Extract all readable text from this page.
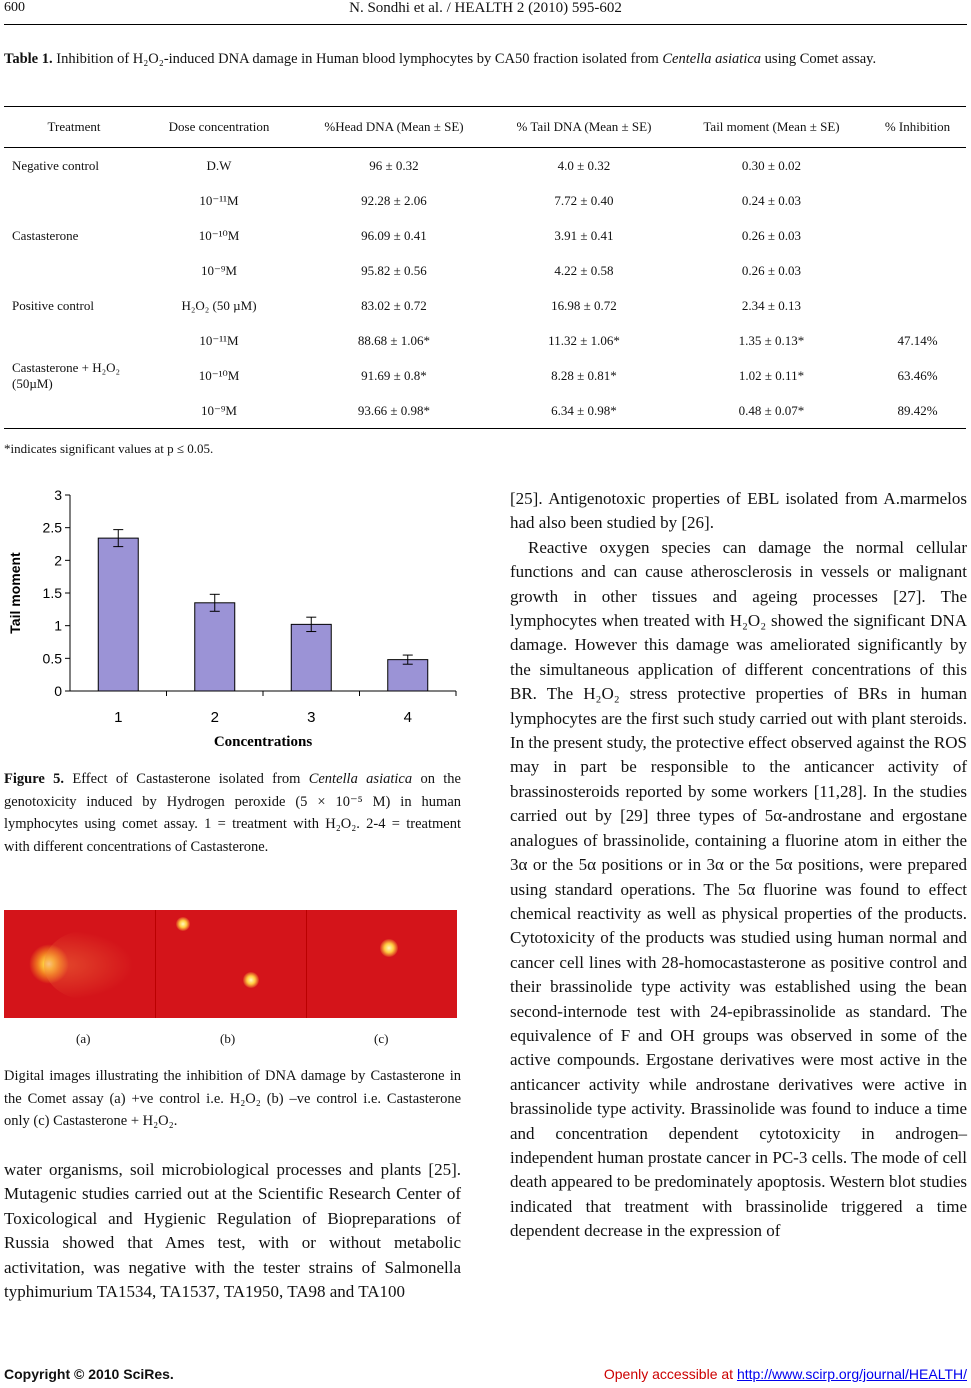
600	N. Sondhi et al. / HEALTH 2 (2010) 595-602
Table 1. Inhibition of H₂O₂-induced DNA damage in Human blood lymphocytes by CA50 fraction isolated from Centella asiatica using Comet assay.
Treatment	Dose concentration	%Head DNA (Mean ± SE)	% Tail DNA (Mean ± SE)	Tail moment (Mean ± SE)	% Inhibition
Negative control	D.W	96 ± 0.32	4.0 ± 0.32	0.30 ± 0.02	
	10⁻¹¹M	92.28 ± 2.06	7.72 ± 0.40	0.24 ± 0.03	
Castasterone	10⁻¹⁰M	96.09 ± 0.41	3.91 ± 0.41	0.26 ± 0.03	
	10⁻⁹M	95.82 ± 0.56	4.22 ± 0.58	0.26 ± 0.03	
Positive control	H₂O₂ (50 µM)	83.02 ± 0.72	16.98 ± 0.72	2.34 ± 0.13	
	10⁻¹¹M	88.68 ± 1.06*	11.32 ± 1.06*	1.35 ± 0.13*	47.14%
Castasterone + H₂O₂ (50µM)	10⁻¹⁰M	91.69 ± 0.8*	8.28 ± 0.81*	1.02 ± 0.11*	63.46%
	10⁻⁹M	93.66 ± 0.98*	6.34 ± 0.98*	0.48 ± 0.07*	89.42%
*indicates significant values at p ≤ 0.05.
0
0.5
1
1.5
2
2.5
3
1	2	3	4
Concentrations
Tail moment
Figure 5. Effect of Castasterone isolated from Centella asiatica on the genotoxicity induced by Hydrogen peroxide (5 × 10⁻⁵ M) in human lymphocytes using comet assay. 1 = treatment with H₂O₂. 2-4 = treatment with different concentrations of Castasterone.
(a)	(b)	(c)
Digital images illustrating the inhibition of DNA damage by Castasterone in the Comet assay (a) +ve control i.e. H₂O₂ (b) –ve control i.e. Castasterone only (c) Castasterone + H₂O₂.
water organisms, soil microbiological processes and plants [25]. Mutagenic studies carried out at the Scientific Research Center of Toxicological and Hygienic Regulation of Biopreparations of Russia showed that Ames test, with or without metabolic activitation, was negative with the tester strains of Salmonella typhimurium TA1534, TA1537, TA1950, TA98 and TA100

[25]. Antigenotoxic properties of EBL isolated from A.marmelos had also been studied by [26].

Reactive oxygen species can damage the normal cellular functions and can cause atherosclerosis in vessels or malignant growth in other tissues and ageing processes [27]. The lymphocytes when treated with H₂O₂ showed the significant DNA damage. However this damage was ameliorated significantly by the simultaneous application of different concentrations of this BR. The H₂O₂ stress protective properties of BRs in human lymphocytes are the first such study carried out with plant steroids. In the present study, the protective effect observed against the ROS may in part be responsible to the anticancer activity of brassinosteroids reported by some workers [11,28]. In the studies carried out by [29] three types of 5α-androstane and ergostane analogues of brassinolide, containing a fluorine atom in either the 3α or the 5α positions or in 3α or the 5α positions, were prepared using standard operations. The 5α fluorine was found to effect chemical reactivity as well as physical properties of the products. Cytotoxicity of the products was studied using human normal and cancer cell lines with 28-homocastasterone as positive control and their brassinolide type activity was established using the bean second-internode test with 24-epibrassinolide as standard. The equivalence of F and OH groups was observed in some of the active compounds. Ergostane derivatives were most active in the anticancer activity while androstane derivatives were active in brassinolide type activity. Brassinolide was found to induce a time and concentration dependent cytotoxicity in androgen–independent human prostate cancer in PC-3 cells. The mode of cell death appeared to be predominately apoptosis. Western blot studies indicated that treatment with brassinolide triggered a time dependent decrease in the expression of

Copyright © 2010 SciRes.	Openly accessible at http://www.scirp.org/journal/HEALTH/
